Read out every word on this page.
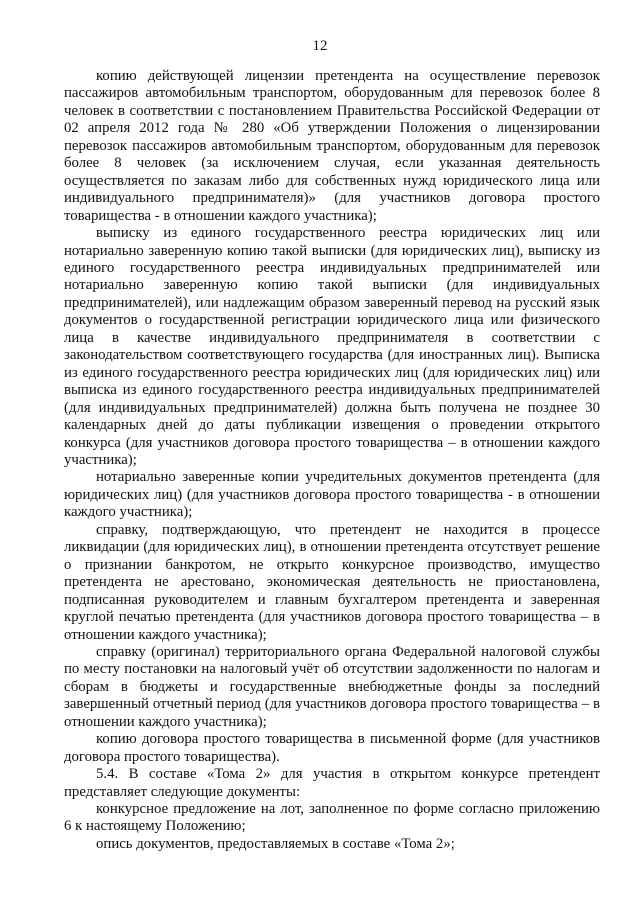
12

копию действующей лицензии претендента на осуществление перевозок пассажиров автомобильным транспортом, оборудованным для перевозок более 8 человек в соответствии с постановлением Правительства Российской Федерации от 02 апреля 2012 года № 280 «Об утверждении Положения о лицензировании перевозок пассажиров автомобильным транспортом, оборудованным для перевозок более 8 человек (за исключением случая, если указанная деятельность осуществляется по заказам либо для собственных нужд юридического лица или индивидуального предпринимателя)» (для участников договора простого товарищества - в отношении каждого участника);

выписку из единого государственного реестра юридических лиц или нотариально заверенную копию такой выписки (для юридических лиц), выписку из единого государственного реестра индивидуальных предпринимателей или нотариально заверенную копию такой выписки (для индивидуальных предпринимателей), или надлежащим образом заверенный перевод на русский язык документов о государственной регистрации юридического лица или физического лица в качестве индивидуального предпринимателя в соответствии с законодательством соответствующего государства (для иностранных лиц). Выписка из единого государственного реестра юридических лиц (для юридических лиц) или выписка из единого государственного реестра индивидуальных предпринимателей (для индивидуальных предпринимателей) должна быть получена не позднее 30 календарных дней до даты публикации извещения о проведении открытого конкурса (для участников договора простого товарищества – в отношении каждого участника);

нотариально заверенные копии учредительных документов претендента (для юридических лиц) (для участников договора простого товарищества - в отношении каждого участника);

справку, подтверждающую, что претендент не находится в процессе ликвидации (для юридических лиц), в отношении претендента отсутствует решение о признании банкротом, не открыто конкурсное производство, имущество претендента не арестовано, экономическая деятельность не приостановлена, подписанная руководителем и главным бухгалтером претендента и заверенная круглой печатью претендента (для участников договора простого товарищества – в отношении каждого участника);

справку (оригинал) территориального органа Федеральной налоговой службы по месту постановки на налоговый учёт об отсутствии задолженности по налогам и сборам в бюджеты и государственные внебюджетные фонды за последний завершенный отчетный период (для участников договора простого товарищества – в отношении каждого участника);

копию договора простого товарищества в письменной форме (для участников договора простого товарищества).

5.4. В составе «Тома 2» для участия в открытом конкурсе претендент представляет следующие документы:

конкурсное предложение на лот, заполненное по форме согласно приложению 6 к настоящему Положению;

опись документов, предоставляемых в составе «Тома 2»;
